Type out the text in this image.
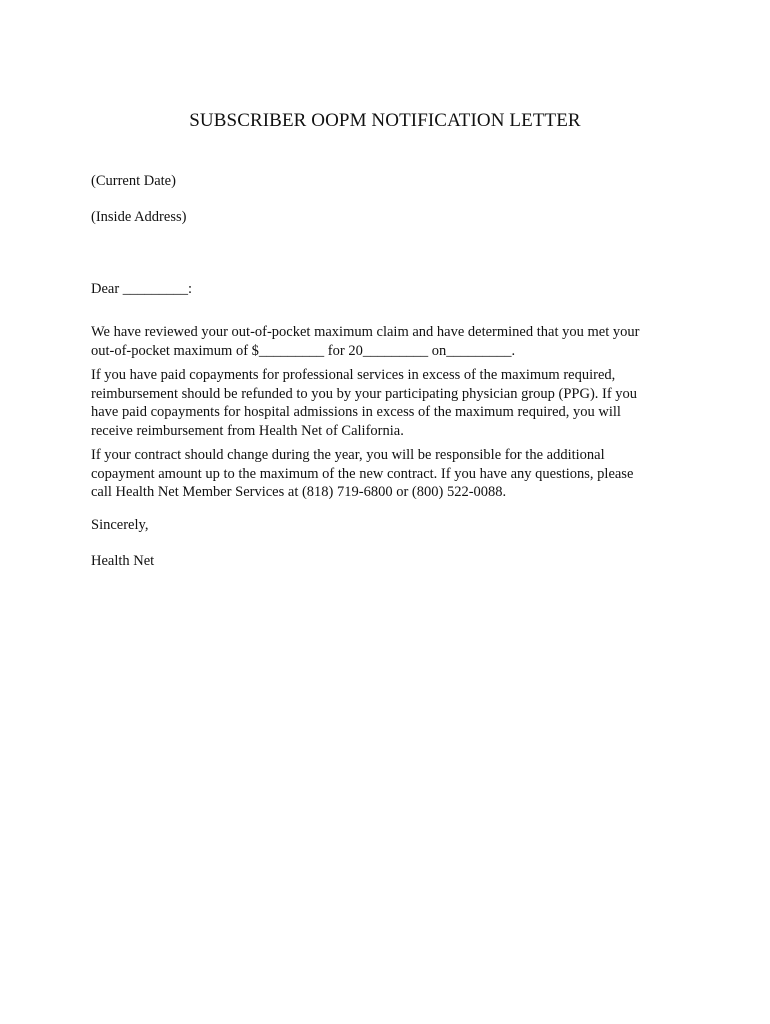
SUBSCRIBER OOPM NOTIFICATION LETTER
(Current Date)
(Inside Address)
Dear _________:
We have reviewed your out-of-pocket maximum claim and have determined that you met your
out-of-pocket maximum of $_________ for 20_________ on_________.
If you have paid copayments for professional services in excess of the maximum required,
reimbursement should be refunded to you by your participating physician group (PPG). If you
have paid copayments for hospital admissions in excess of the maximum required, you will
receive reimbursement from Health Net of California.
If your contract should change during the year, you will be responsible for the additional
copayment amount up to the maximum of the new contract. If you have any questions, please
call Health Net Member Services at (818) 719-6800 or (800) 522-0088.
Sincerely,
Health Net
